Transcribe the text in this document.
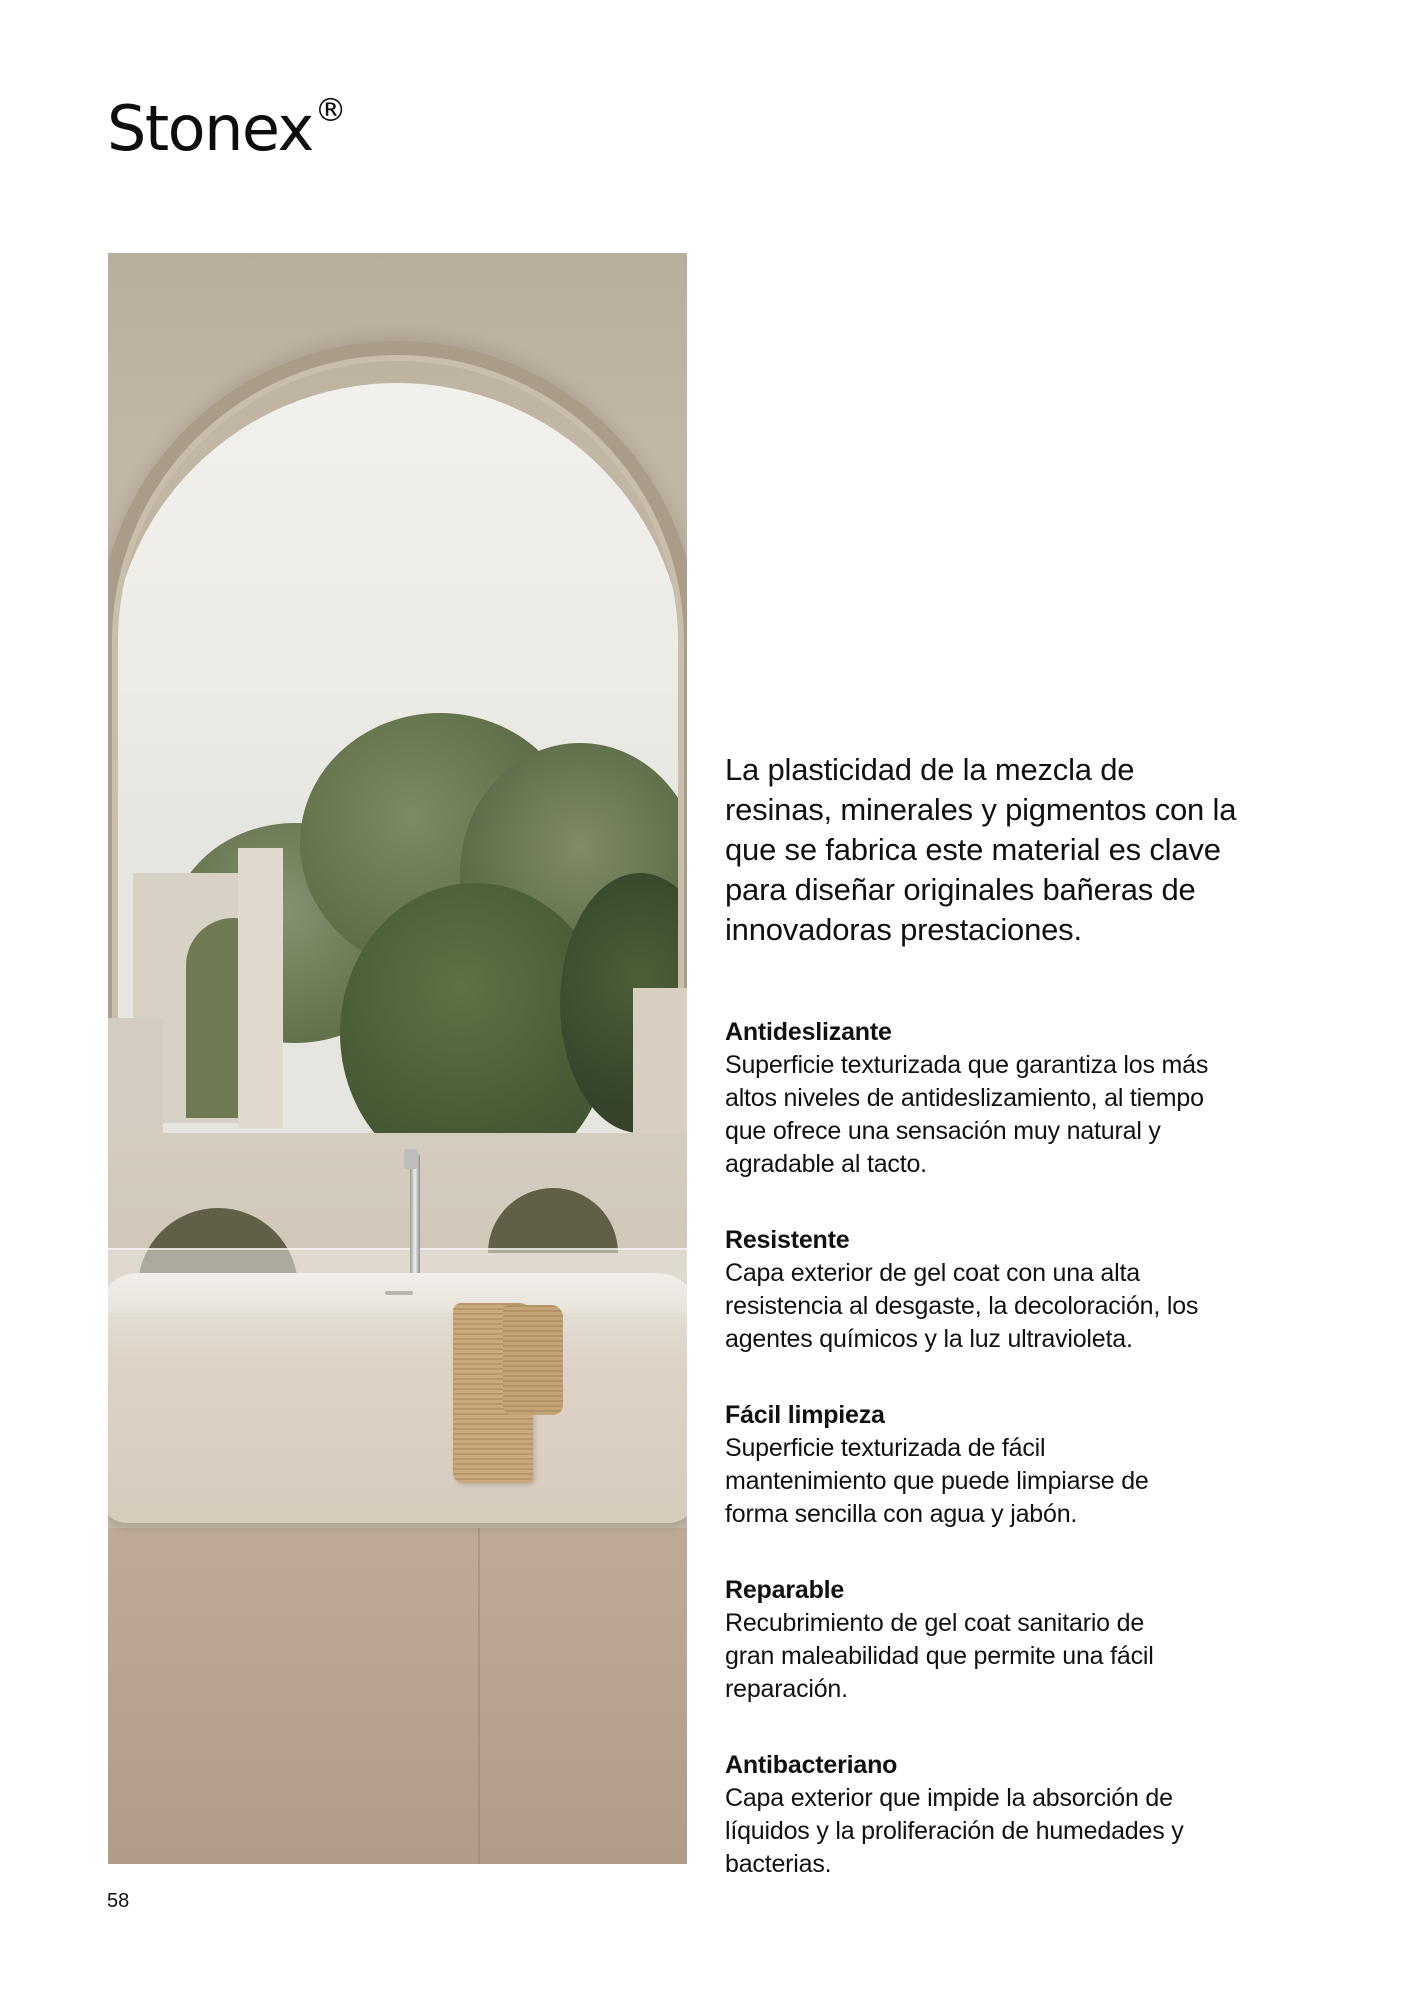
Stonex®

La plasticidad de la mezcla de
resinas, minerales y pigmentos con la
que se fabrica este material es clave
para diseñar originales bañeras de
innovadoras prestaciones.

Antideslizante

Superficie texturizada que garantiza los más
altos niveles de antideslizamiento, al tiempo
que ofrece una sensación muy natural y
agradable al tacto.

Resistente

Capa exterior de gel coat con una alta
resistencia al desgaste, la decoloración, los
agentes químicos y la luz ultravioleta.

Fácil limpieza

Superficie texturizada de fácil
mantenimiento que puede limpiarse de
forma sencilla con agua y jabón.

Reparable

Recubrimiento de gel coat sanitario de
gran maleabilidad que permite una fácil
reparación.

Antibacteriano

Capa exterior que impide la absorción de
líquidos y la proliferación de humedades y
bacterias.

58
